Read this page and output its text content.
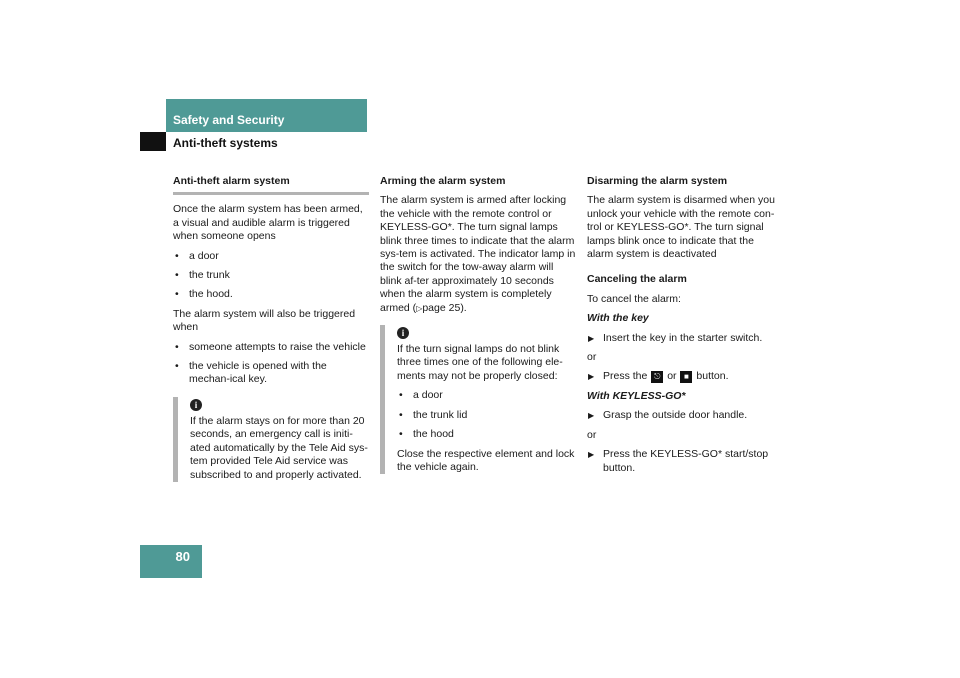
Safety and Security
Anti-theft systems
Anti-theft alarm system

Once the alarm system has been armed, a visual and audible alarm is triggered when someone opens

• a door
• the trunk
• the hood.

The alarm system will also be triggered when

• someone attempts to raise the vehicle
• the vehicle is opened with the mechan-ical key.
i
If the alarm stays on for more than 20 seconds, an emergency call is initi-ated automatically by the Tele Aid sys-tem provided Tele Aid service was subscribed to and properly activated.
Arming the alarm system

The alarm system is armed after locking the vehicle with the remote control or KEYLESS-GO*. The turn signal lamps blink three times to indicate that the alarm sys-tem is activated. The indicator lamp in the switch for the tow-away alarm will blink af-ter approximately 10 seconds when the alarm system is completely armed (▷page 25).

i

If the turn signal lamps do not blink three times one of the following ele-ments may not be properly closed:

• a door
• the trunk lid
• the hood
Close the respective element and lock the vehicle again.
Disarming the alarm system

The alarm system is disarmed when you unlock your vehicle with the remote con-trol or KEYLESS-GO*. The turn signal lamps blink once to indicate that the alarm system is deactivated

Canceling the alarm

To cancel the alarm:

With the key
▶ Insert the key in the starter switch.

or

▶ Press the ⎋ or ■ button.
With KEYLESS-GO*
▶ Grasp the outside door handle.

or

▶ Press the KEYLESS-GO* start/stop button.
80
